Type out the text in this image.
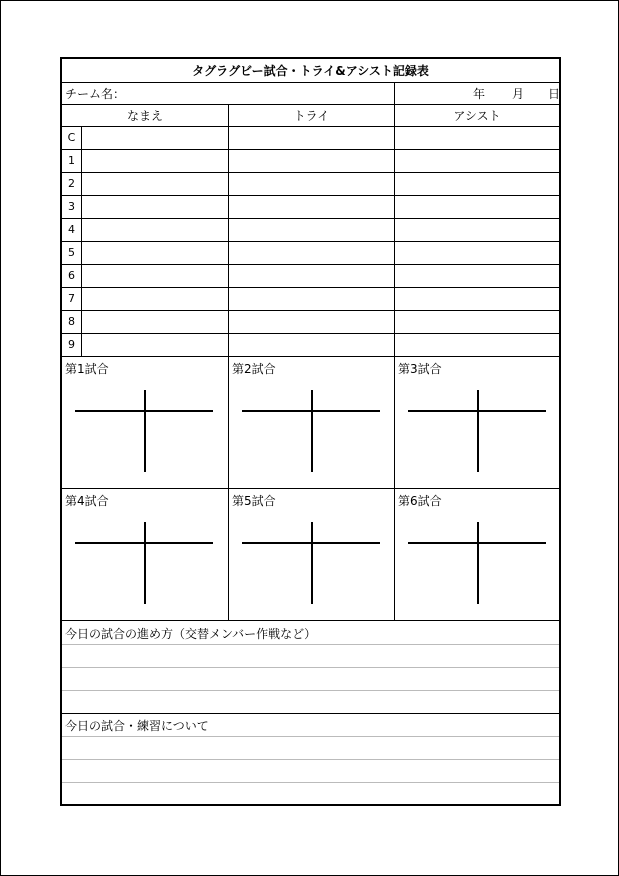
タグラグビー試合・トライ&アシスト記録表
チーム名：	年 月 日
なまえ	トライ	アシスト
C
1
2
3
4
5
6
7
8
9
第1試合	第2試合	第3試合
第4試合	第5試合	第6試合
今日の試合の進め方（交替メンバー作戦など）
今日の試合・練習について
